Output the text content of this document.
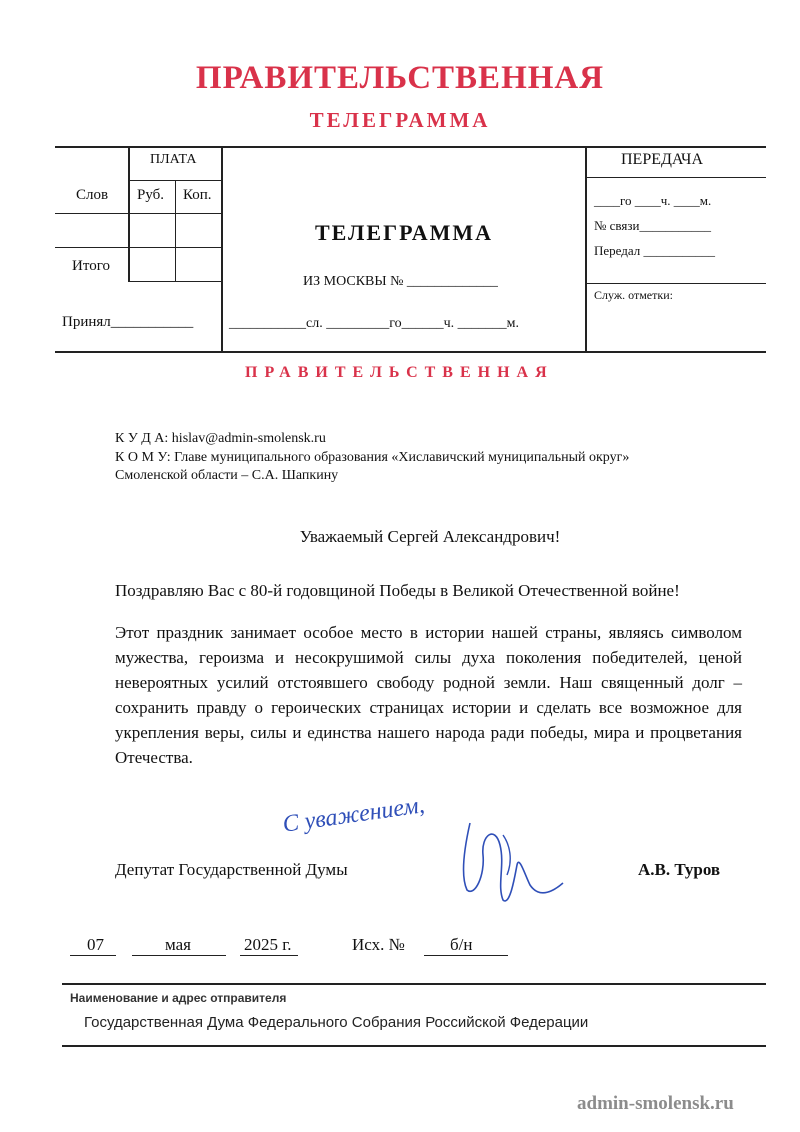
ПРАВИТЕЛЬСТВЕННАЯ
ТЕЛЕГРАММА
ПЛАТА
Слов Руб. Коп.
Итого
Принял___________
ТЕЛЕГРАММА
ИЗ МОСКВЫ № _____________
___________сл. _________го______ч. _______м.
ПЕРЕДАЧА
____го ____ч. ____м.
№ связи___________
Передал ___________
Служ. отметки:
ПРАВИТЕЛЬСТВЕННАЯ
К У Д А: hislav@admin-smolensk.ru
К О М У: Главе муниципального образования «Хиславичский муниципальный округ»
Смоленской области – С.А. Шапкину
Уважаемый Сергей Александрович!
Поздравляю Вас с 80-й годовщиной Победы в Великой Отечественной войне!
Этот праздник занимает особое место в истории нашей страны, являясь символом мужества, героизма и несокрушимой силы духа поколения победителей, ценой невероятных усилий отстоявшего свободу родной земли. Наш священный долг – сохранить правду о героических страницах истории и сделать все возможное для укрепления веры, силы и единства нашего народа ради победы, мира и процветания Отечества.
С уважением,
Депутат Государственной Думы	А.В. Туров
07	мая	2025 г.	Исх. №	б/н
Наименование и адрес отправителя
Государственная Дума Федерального Собрания Российской Федерации
admin-smolensk.ru
